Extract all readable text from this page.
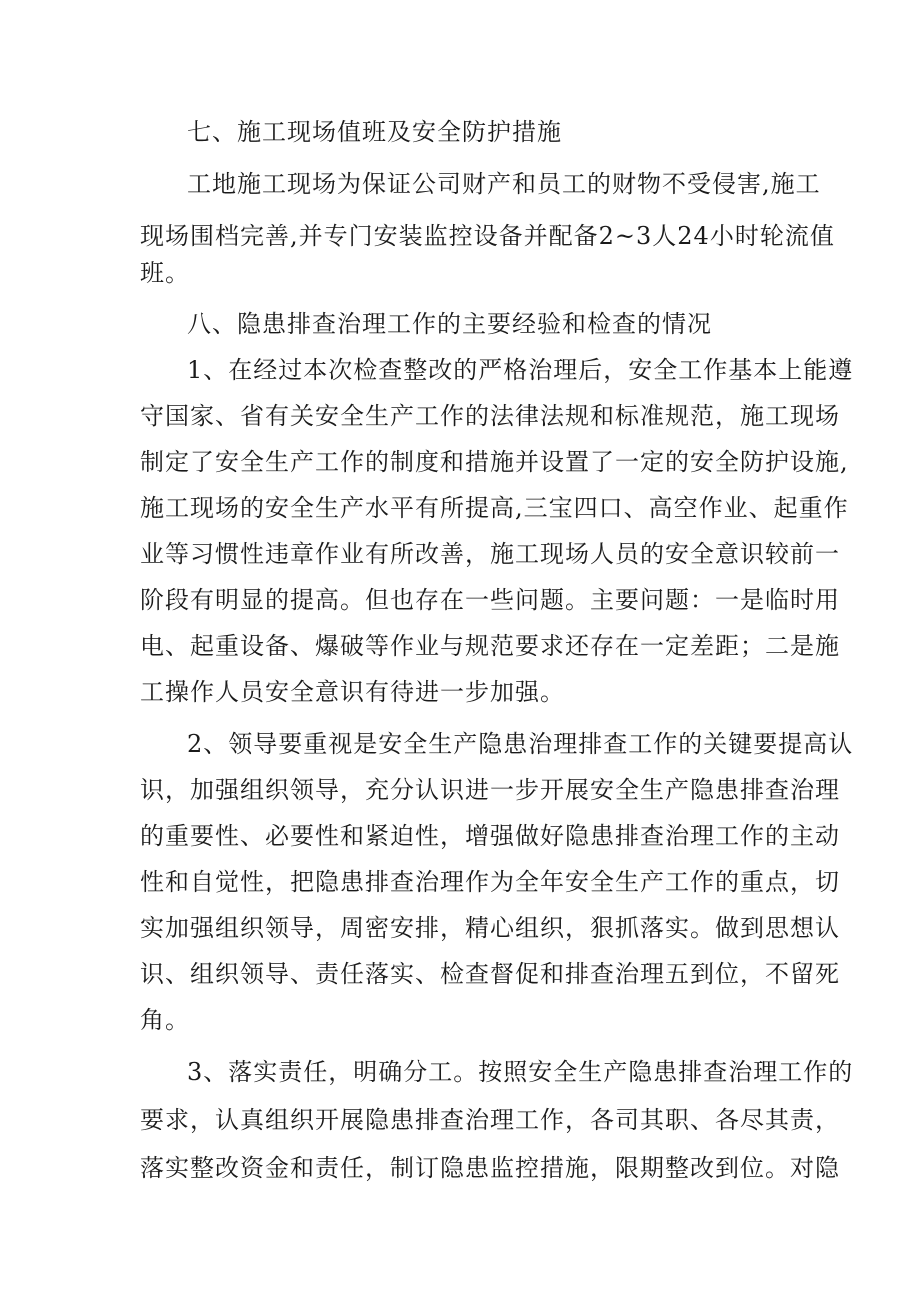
七、施工现场值班及安全防护措施
工地施工现场为保证公司财产和员工的财物不受侵害,施工
现场围档完善,并专门安装监控设备并配备2~3人24小时轮流值
班。
八、隐患排查治理工作的主要经验和检查的情况
1、在经过本次检查整改的严格治理后，安全工作基本上能遵
守国家、省有关安全生产工作的法律法规和标准规范，施工现场
制定了安全生产工作的制度和措施并设置了一定的安全防护设施,
施工现场的安全生产水平有所提高,三宝四口、高空作业、起重作
业等习惯性违章作业有所改善，施工现场人员的安全意识较前一
阶段有明显的提高。但也存在一些问题。主要问题：一是临时用
电、起重设备、爆破等作业与规范要求还存在一定差距；二是施
工操作人员安全意识有待进一步加强。
2、领导要重视是安全生产隐患治理排查工作的关键要提高认
识，加强组织领导，充分认识进一步开展安全生产隐患排查治理
的重要性、必要性和紧迫性，增强做好隐患排查治理工作的主动
性和自觉性，把隐患排查治理作为全年安全生产工作的重点，切
实加强组织领导，周密安排，精心组织，狠抓落实。做到思想认
识、组织领导、责任落实、检查督促和排查治理五到位，不留死
角。
3、落实责任，明确分工。按照安全生产隐患排查治理工作的
要求，认真组织开展隐患排查治理工作，各司其职、各尽其责，
落实整改资金和责任，制订隐患监控措施，限期整改到位。对隐
